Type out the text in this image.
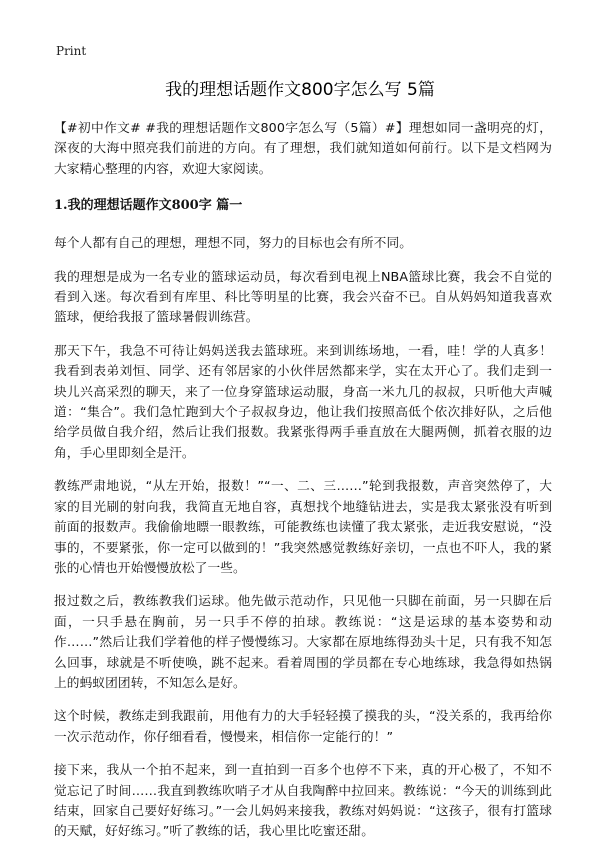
Print
我的理想话题作文800字怎么写 5篇

【#初中作文# #我的理想话题作文800字怎么写（5篇）#】理想如同一盏明亮的灯，深夜的大海中照亮我们前进的方向。有了理想，我们就知道如何前行。以下是文档网为大家精心整理的内容，欢迎大家阅读。

1.我的理想话题作文800字 篇一

每个人都有自己的理想，理想不同，努力的目标也会有所不同。

我的理想是成为一名专业的篮球运动员，每次看到电视上NBA篮球比赛，我会不自觉的看到入迷。每次看到有库里、科比等明星的比赛，我会兴奋不已。自从妈妈知道我喜欢篮球，便给我报了篮球暑假训练营。

那天下午，我急不可待让妈妈送我去篮球班。来到训练场地，一看，哇！学的人真多！我看到表弟刘恒、同学、还有邻居家的小伙伴居然都来学，实在太开心了。我们走到一块儿兴高采烈的聊天，来了一位身穿篮球运动服，身高一米九几的叔叔，只听他大声喊道：“集合”。我们急忙跑到大个子叔叔身边，他让我们按照高低个依次排好队，之后他给学员做自我介绍，然后让我们报数。我紧张得两手垂直放在大腿两侧，抓着衣服的边角，手心里即刻全是汗。

教练严肃地说，“从左开始，报数！”“一、二、三……”轮到我报数，声音突然停了，大家的目光刷的射向我，我简直无地自容，真想找个地缝钻进去，实是我太紧张没有听到前面的报数声。我偷偷地瞟一眼教练，可能教练也读懂了我太紧张，走近我安慰说，“没事的，不要紧张，你一定可以做到的！”我突然感觉教练好亲切，一点也不吓人，我的紧张的心情也开始慢慢放松了一些。

报过数之后，教练教我们运球。他先做示范动作，只见他一只脚在前面，另一只脚在后面，一只手悬在胸前，另一只手不停的拍球。教练说：“这是运球的基本姿势和动作……”然后让我们学着他的样子慢慢练习。大家都在原地练得劲头十足，只有我不知怎么回事，球就是不听使唤，跳不起来。看着周围的学员都在专心地练球，我急得如热锅上的蚂蚁团团转，不知怎么是好。

这个时候，教练走到我跟前，用他有力的大手轻轻摸了摸我的头，“没关系的，我再给你一次示范动作，你仔细看看，慢慢来，相信你一定能行的！”

接下来，我从一个拍不起来，到一直拍到一百多个也停不下来，真的开心极了，不知不觉忘记了时间……我直到教练吹哨子才从自我陶醉中拉回来。教练说：“今天的训练到此结束，回家自己要好好练习。”一会儿妈妈来接我，教练对妈妈说：“这孩子，很有打篮球的天赋，好好练习。”听了教练的话，我心里比吃蜜还甜。
